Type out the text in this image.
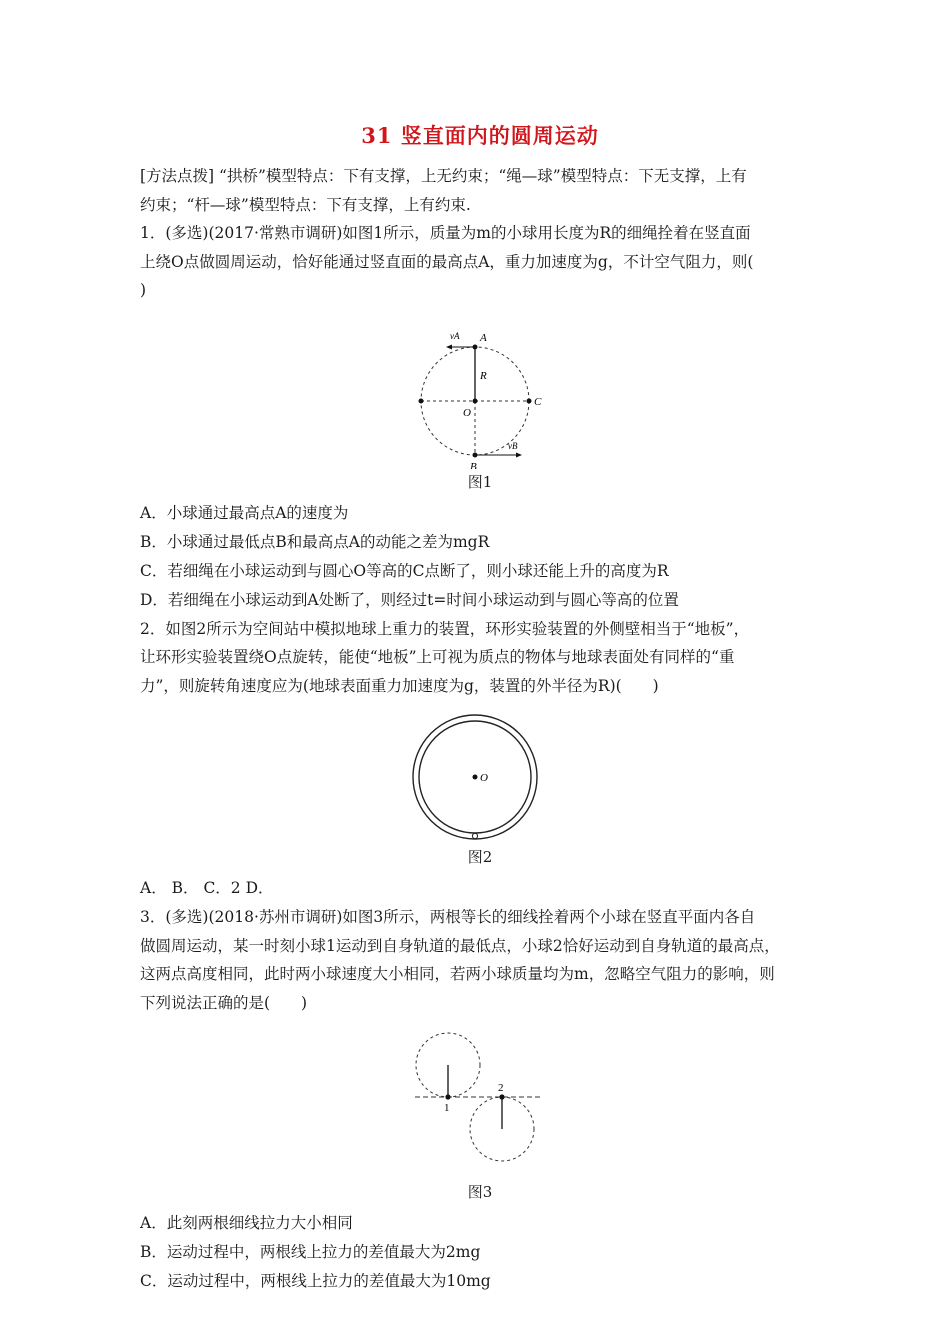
31 竖直面内的圆周运动

[方法点拨] “拱桥”模型特点：下有支撑，上无约束；“绳—球”模型特点：下无支撑，上有

约束；“杆—球”模型特点：下有支撑，上有约束.

1．(多选)(2017·常熟市调研)如图1所示，质量为m的小球用长度为R的细绳拴着在竖直面

上绕O点做圆周运动，恰好能通过竖直面的最高点A，重力加速度为g，不计空气阻力，则(

)

A
B
C
O
R
vA
vB
图1

A．小球通过最高点A的速度为

B．小球通过最低点B和最高点A的动能之差为mgR

C．若细绳在小球运动到与圆心O等高的C点断了，则小球还能上升的高度为R

D．若细绳在小球运动到A处断了，则经过t=时间小球运动到与圆心等高的位置

2．如图2所示为空间站中模拟地球上重力的装置，环形实验装置的外侧壁相当于“地板”，

让环形实验装置绕O点旋转，能使“地板”上可视为质点的物体与地球表面处有同样的“重

力”，则旋转角速度应为(地球表面重力加速度为g，装置的外半径为R)(　　)

O
图2

A． B． C．2 D．

3．(多选)(2018·苏州市调研)如图3所示，两根等长的细线拴着两个小球在竖直平面内各自

做圆周运动，某一时刻小球1运动到自身轨道的最低点，小球2恰好运动到自身轨道的最高点，

这两点高度相同，此时两小球速度大小相同，若两小球质量均为m，忽略空气阻力的影响，则

下列说法正确的是(　　)

1
2
图3

A．此刻两根细线拉力大小相同

B．运动过程中，两根线上拉力的差值最大为2mg

C．运动过程中，两根线上拉力的差值最大为10mg
